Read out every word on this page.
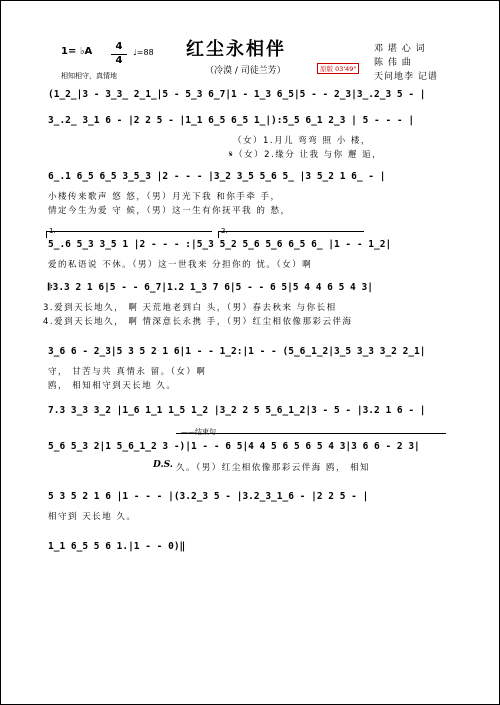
红尘永相伴
（冷漠 / 司徒兰芳）	原版 03'49"
1= ♭A 4
4
♩=88
相知相守，真情地
邓 堪 心 词
陈 伟 曲
天问地李 记谱
(1̲2̲|3 - 3̲3̲ 2̲1̲|5 - 5̲3 6̲7|1 - 1̲3 6̲5|5 - - 2̲3|3̲.2̲3 5 - |
3̲.2̲ 3̲1 6 - |2 2 5 - |1̲1 6̲5 6̲5 1̲|):5̲5 6̲1 2̲3 | 5 - - - |
（女）1.月儿 弯弯 照 小 楼，
𝄋（女）2.缘分 让我 与你 邂 逅，
6̲.1 6̲5 6̲5 3̲5̲3 |2 - - - |3̲2 3̲5 5̲6 5̲ |3 5̲2 1 6̲ - |
小楼传来歌声 悠 悠，（男）月光下我 和你手牵 手，
情定今生为爱 守 候，（男）这一生有你抚平我 的 愁，
1.	2.
5̲.6 5̲3 3̲5 1 |2 - - - :|5̲3 5̲2 5̲6 5̲6 6̲5 6̲ |1 - - 1̲2|
爱的私语说 不休。（男）这一世我来 分担你的 忧。（女）啊
𝄆3.3 2 1 6|5 - - 6̲7|1.2 1̲3 7 6|5 - - 6 5|5 4 4 6 5 4 3|
3.爱到天长地久， 啊 天荒地老到白 头，（男）春去秋来 与你长相
4.爱到天长地久， 啊 情深意长永携 手，（男）红尘相依像那彩云伴海
3̲6 6 - 2̲3|5 3 5 2 1 6|1 - - 1̲2:|1 - - (5̲6̲1̲2|3̲5 3̲3 3̲2 2̲1|
守， 甘苦与共 真情永 留。（女）啊
鸥， 相知相守到天长地 久。
7.3 3̲3 3̲2 |1̲6 1̲1 1̲5 1̲2 |3̲2 2 5 5̲6̲1̲2|3 - 5 - |3.2 1 6 - |
——结束句
5̲6 5̲3 2|1 5̲6̲1̲2 3 -)|1 - - 6 5|4 4 5 6 5 6 5 4 3|3 6 6 - 2 3|
D.S. 久。（男）红尘相依像那彩云伴海 鸥， 相知
5 3 5 2 1 6 |1 - - - |(3.2̲3 5 - |3.2̲3̲1̲6 - |2 2 5 - |
相守到 天长地 久。
1̲1 6̲5 5 6 1.|1 - - 0)‖
